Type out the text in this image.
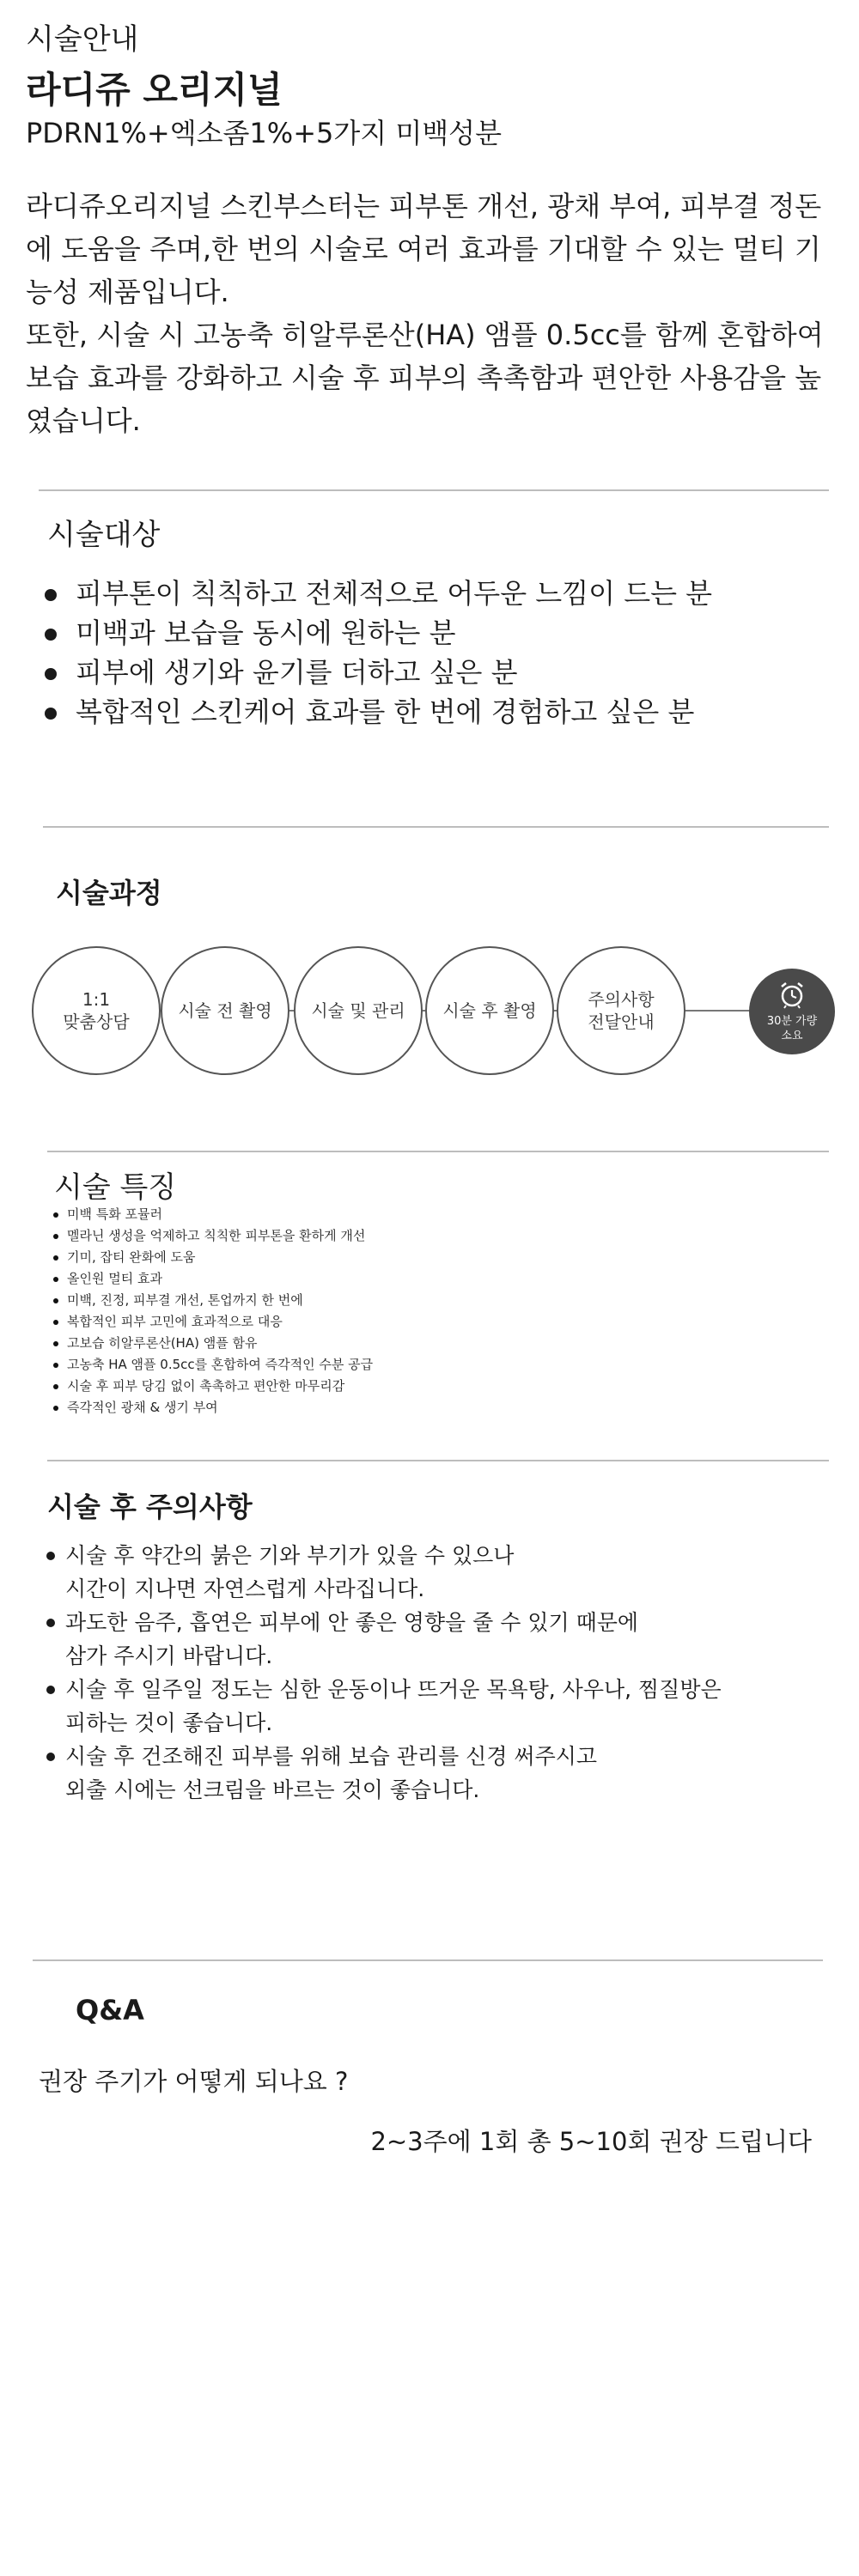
시술안내
라디쥬 오리지널
PDRN1%+엑소좀1%+5가지 미백성분

라디쥬오리지널 스킨부스터는 피부톤 개선, 광채 부여, 피부결 정돈에 도움을 주며,한 번의 시술로 여러 효과를 기대할 수 있는 멀티 기능성 제품입니다.

또한, 시술 시 고농축 히알루론산(HA) 앰플 0.5cc를 함께 혼합하여 보습 효과를 강화하고 시술 후 피부의 촉촉함과 편안한 사용감을 높였습니다.

시술대상
피부톤이 칙칙하고 전체적으로 어두운 느낌이 드는 분
미백과 보습을 동시에 원하는 분
피부에 생기와 윤기를 더하고 싶은 분
복합적인 스킨케어 효과를 한 번에 경험하고 싶은 분
시술과정
1:1
맞춤상담
시술 전 촬영 시술 및 관리 시술 후 촬영
주의사항
전달안내	30분 가량
소요
시술 특징
미백 특화 포뮬러
멜라닌 생성을 억제하고 칙칙한 피부톤을 환하게 개선
기미, 잡티 완화에 도움
올인원 멀티 효과
미백, 진정, 피부결 개선, 톤업까지 한 번에
복합적인 피부 고민에 효과적으로 대응
고보습 히알루론산(HA) 앰플 함유
고농축 HA 앰플 0.5cc를 혼합하여 즉각적인 수분 공급
시술 후 피부 당김 없이 촉촉하고 편안한 마무리감
즉각적인 광채 & 생기 부여
시술 후 주의사항
시술 후 약간의 붉은 기와 부기가 있을 수 있으나
시간이 지나면 자연스럽게 사라집니다.
과도한 음주, 흡연은 피부에 안 좋은 영향을 줄 수 있기 때문에
삼가 주시기 바랍니다.
시술 후 일주일 정도는 심한 운동이나 뜨거운 목욕탕, 사우나, 찜질방은
피하는 것이 좋습니다.
시술 후 건조해진 피부를 위해 보습 관리를 신경 써주시고
외출 시에는 선크림을 바르는 것이 좋습니다.
Q&A
권장 주기가 어떻게 되나요 ?
2~3주에 1회 총 5~10회 권장 드립니다
